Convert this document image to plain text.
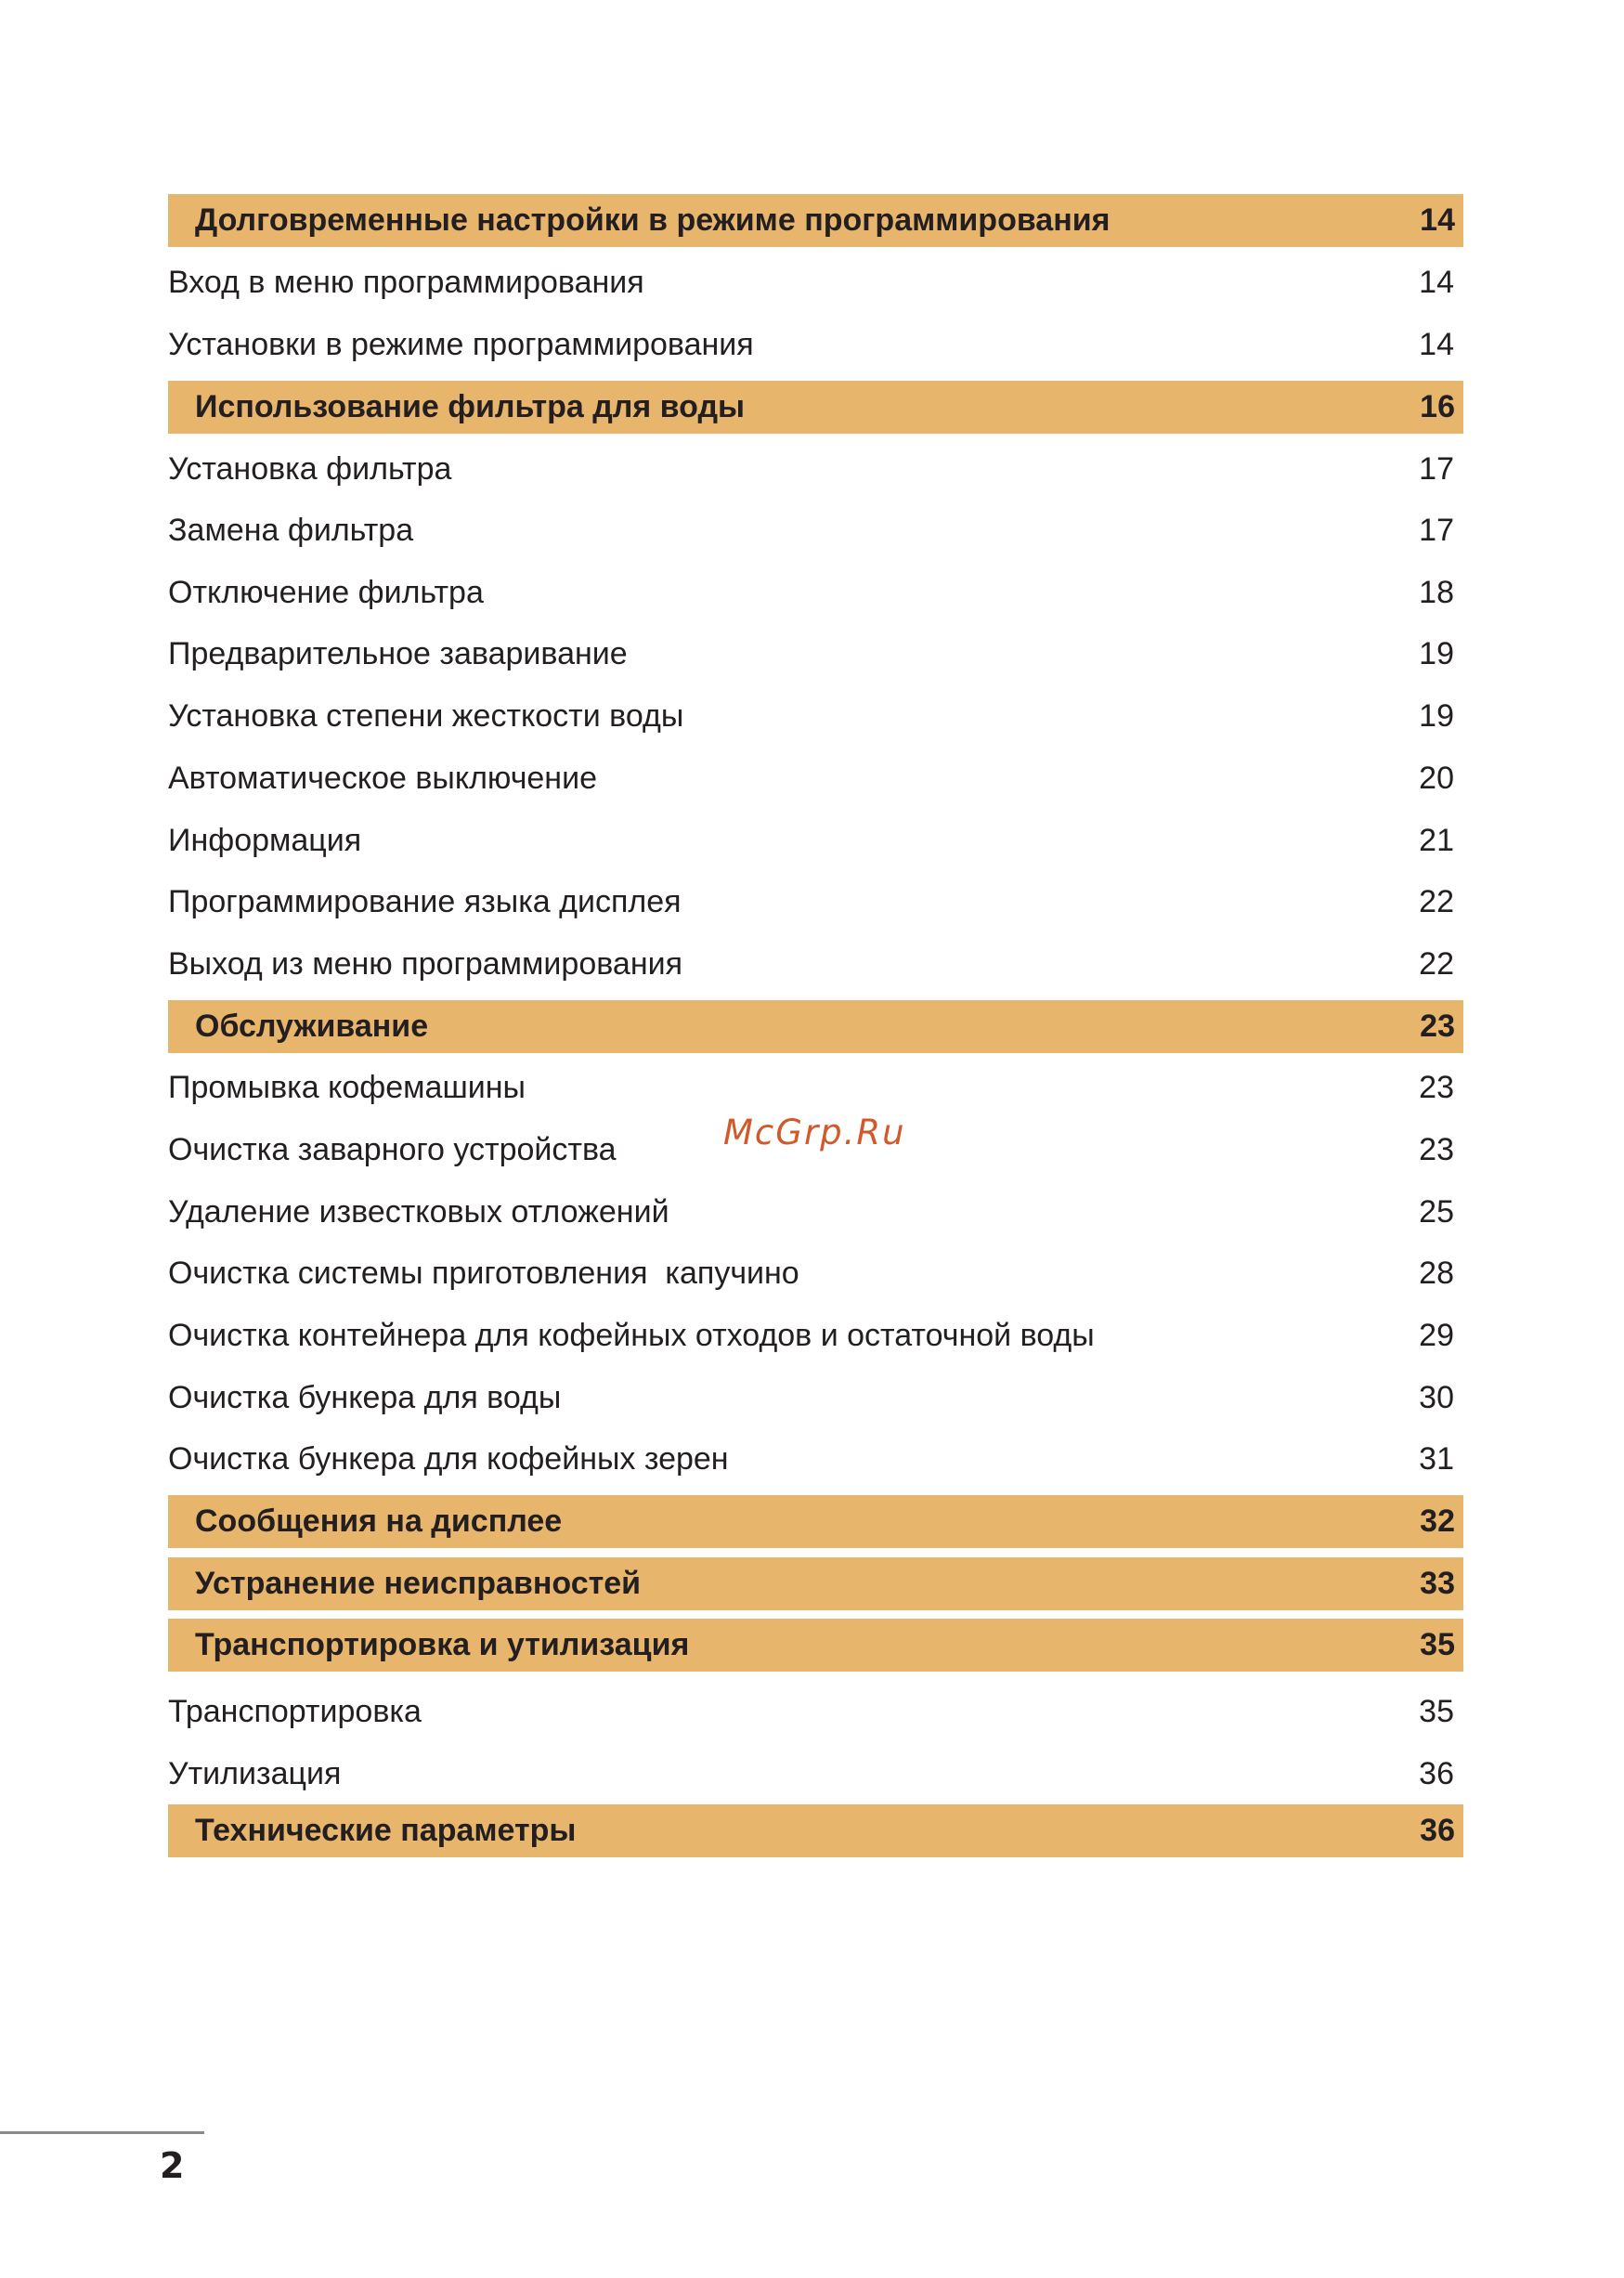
Долговременные настройки в режиме программирования	14
Вход в меню программирования	14
Установки в режиме программирования	14
Использование фильтра для воды	16
Установка фильтра	17
Замена фильтра	17
Отключение фильтра	18
Предварительное заваривание	19
Установка степени жесткости воды	19
Автоматическое выключение	20
Информация	21
Программирование языка дисплея	22
Выход из меню программирования	22
Обслуживание	23
Промывка кофемашины	23
Очистка заварного устройства	23
Удаление известковых отложений	25
Очистка системы приготовления  капучино	28
Очистка контейнера для кофейных отходов и остаточной воды	29
Очистка бункера для воды	30
Очистка бункера для кофейных зерен	31
Сообщения на дисплее	32
Устранение неисправностей	33
Транспортировка и утилизация	35
Транспортировка	35
Утилизация	36
Технические параметры	36
McGrp.Ru
2
